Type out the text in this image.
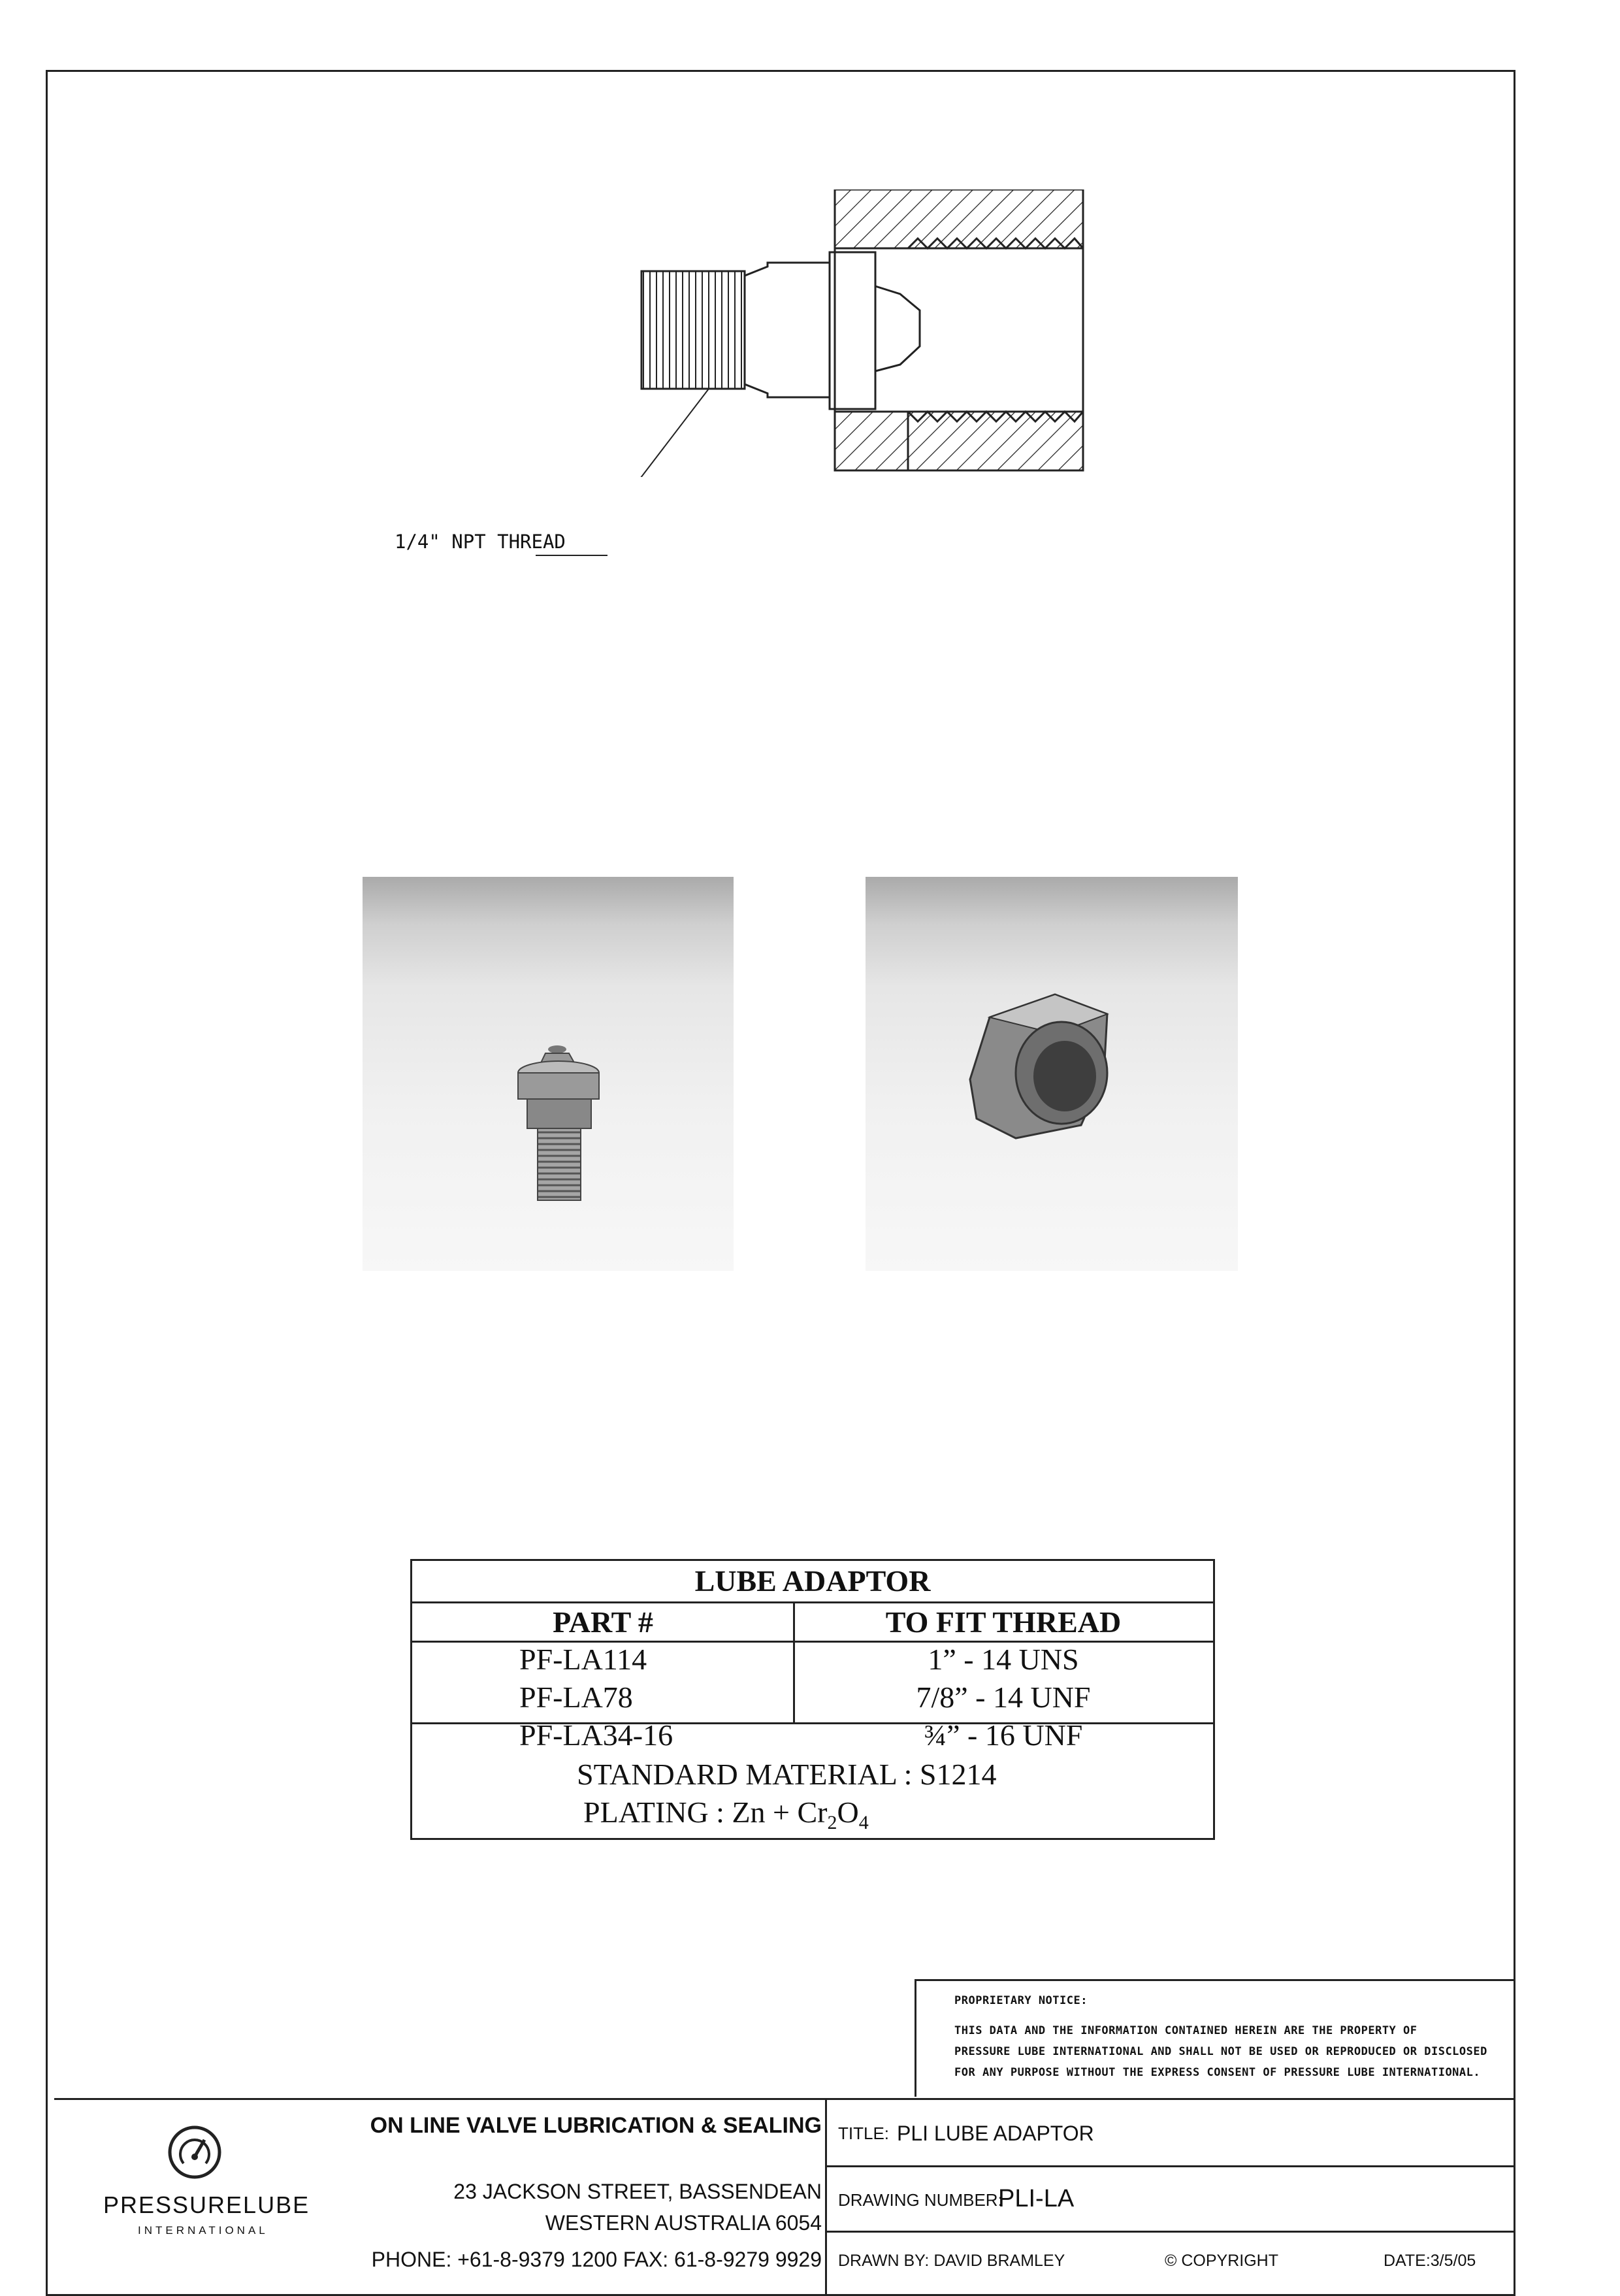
1/4" NPT THREAD
LUBE ADAPTOR
PART #	TO FIT THREAD
PF-LA114	1” - 14 UNS
PF-LA78	7/8” - 14 UNF
PF-LA34-16	¾” - 16 UNF
STANDARD MATERIAL : S1214
PLATING : $Zn + Cr_2O_4$
PROPRIETARY NOTICE:
THIS DATA AND THE INFORMATION CONTAINED HEREIN ARE THE PROPERTY OF
PRESSURE LUBE INTERNATIONAL AND SHALL NOT BE USED OR REPRODUCED OR DISCLOSED
FOR ANY PURPOSE WITHOUT THE EXPRESS CONSENT OF PRESSURE LUBE INTERNATIONAL.
PRESSURELUBE
INTERNATIONAL
ON LINE VALVE LUBRICATION & SEALING
23 JACKSON STREET, BASSENDEAN
WESTERN AUSTRALIA 6054
PHONE: +61-8-9379 1200 FAX: 61-8-9279 9929
TITLE: PLI LUBE ADAPTOR
DRAWING NUMBER:
PLI-LA
DRAWN BY: DAVID BRAMLEY	© COPYRIGHT	DATE:3/5/05
